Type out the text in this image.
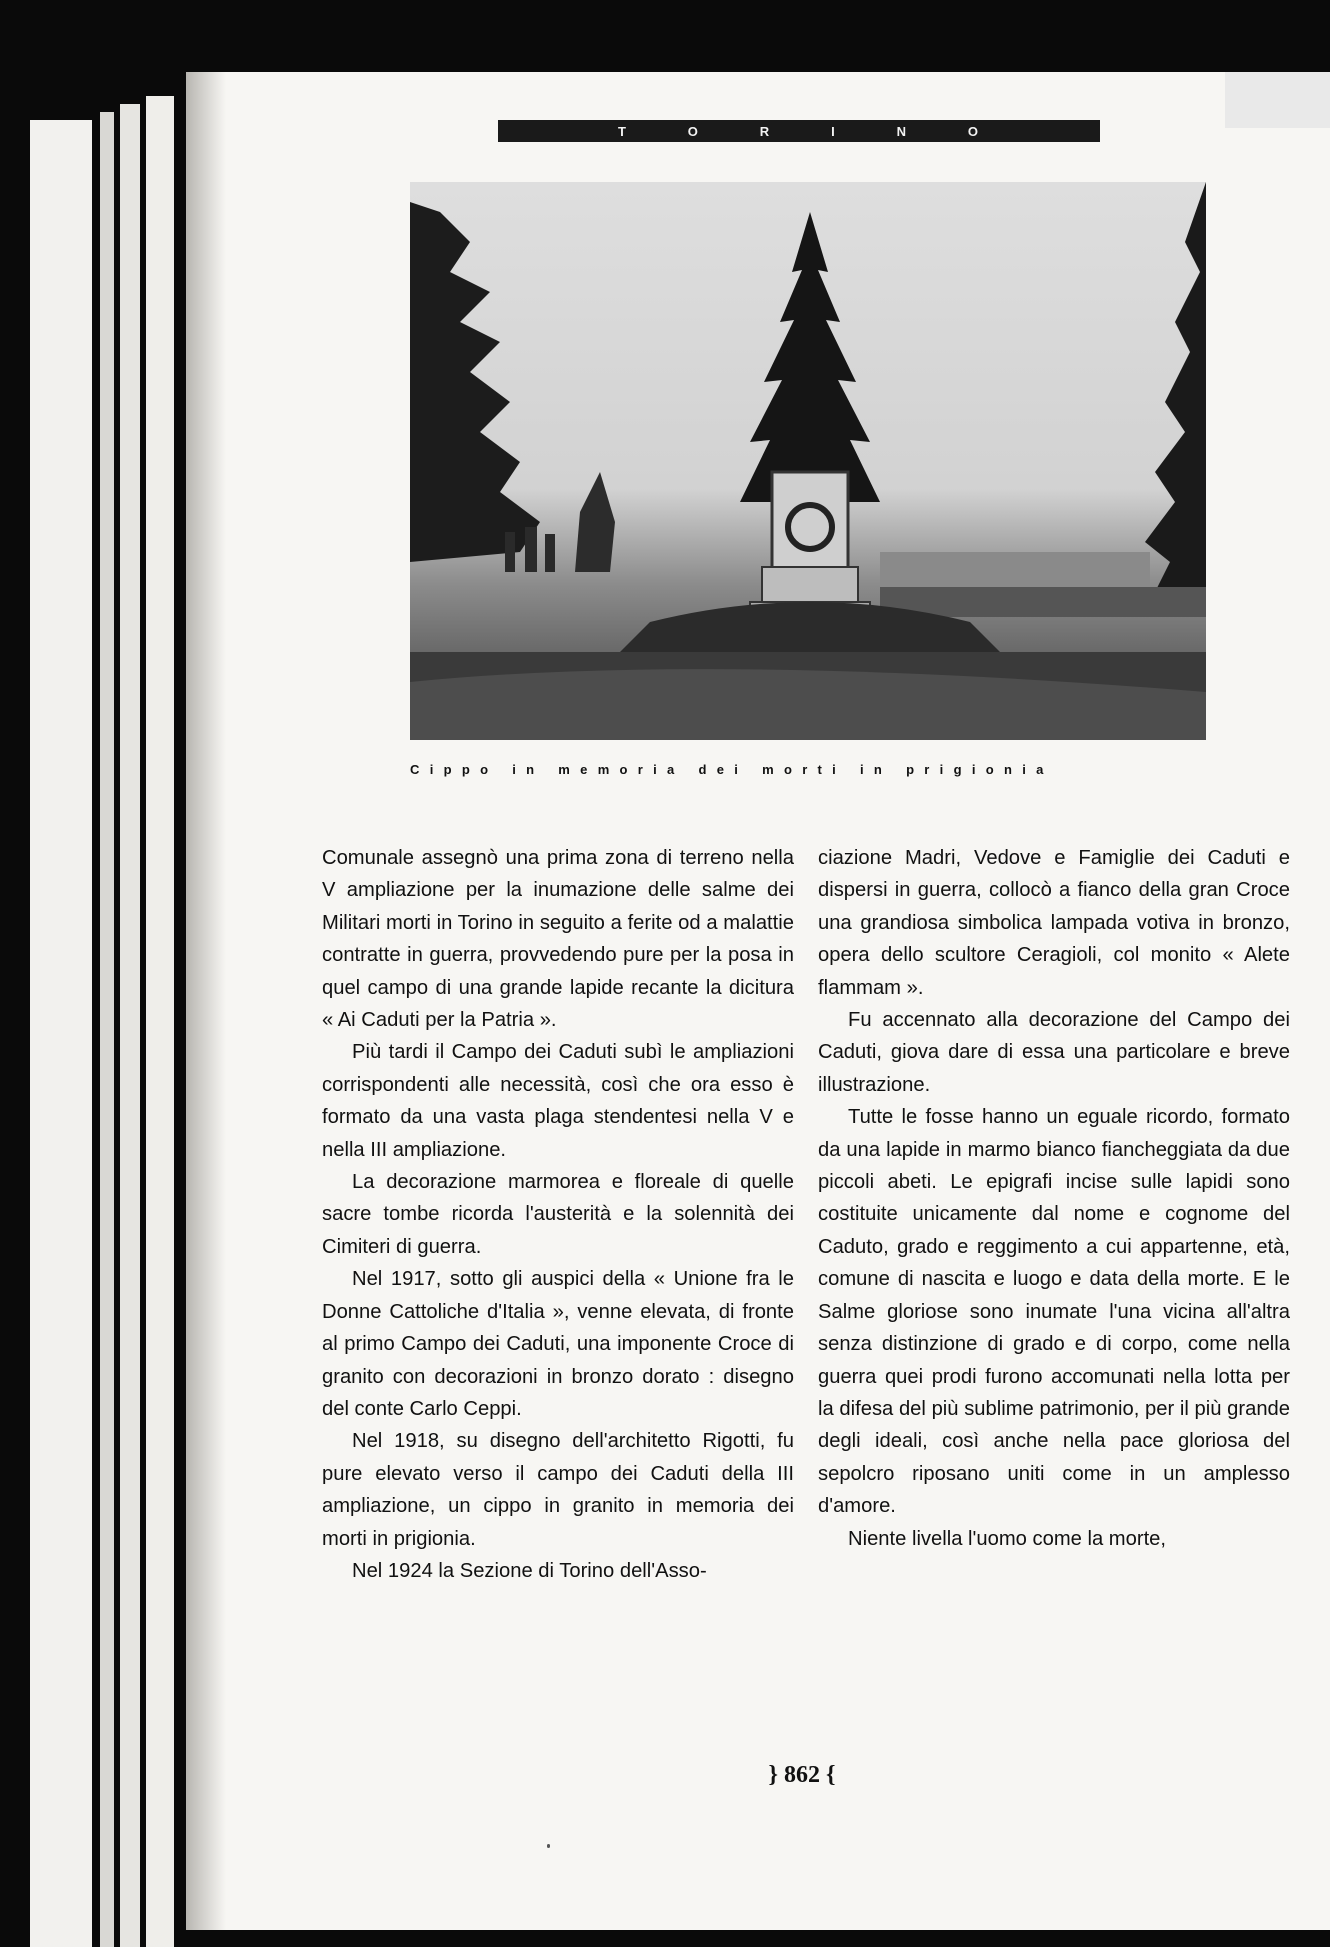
T	O	R	I	N	O
Cippo in memoria dei morti in prigionia

Comunale assegnò una prima zona di terreno nella V ampliazione per la inumazione delle salme dei Militari morti in Torino in seguito a ferite od a malattie contratte in guerra, provvedendo pure per la posa in quel campo di una grande lapide recante la dicitura « Ai Caduti per la Patria ».

Più tardi il Campo dei Caduti subì le ampliazioni corrispondenti alle necessità, così che ora esso è formato da una vasta plaga stendentesi nella V e nella III ampliazione.

La decorazione marmorea e floreale di quelle sacre tombe ricorda l'austerità e la solennità dei Cimiteri di guerra.

Nel 1917, sotto gli auspici della « Unione fra le Donne Cattoliche d'Italia », venne elevata, di fronte al primo Campo dei Caduti, una imponente Croce di granito con decorazioni in bronzo dorato : disegno del conte Carlo Ceppi.

Nel 1918, su disegno dell'architetto Rigotti, fu pure elevato verso il campo dei Caduti della III ampliazione, un cippo in granito in memoria dei morti in prigionia.

Nel 1924 la Sezione di Torino dell'Asso-

ciazione Madri, Vedove e Famiglie dei Caduti e dispersi in guerra, collocò a fianco della gran Croce una grandiosa simbolica lampada votiva in bronzo, opera dello scultore Ceragioli, col monito « Alete flammam ».

Fu accennato alla decorazione del Campo dei Caduti, giova dare di essa una particolare e breve illustrazione.

Tutte le fosse hanno un eguale ricordo, formato da una lapide in marmo bianco fiancheggiata da due piccoli abeti. Le epigrafi incise sulle lapidi sono costituite unicamente dal nome e cognome del Caduto, grado e reggimento a cui appartenne, età, comune di nascita e luogo e data della morte. E le Salme gloriose sono inumate l'una vicina all'altra senza distinzione di grado e di corpo, come nella guerra quei prodi furono accomunati nella lotta per la difesa del più sublime patrimonio, per il più grande degli ideali, così anche nella pace gloriosa del sepolcro riposano uniti come in un amplesso d'amore.

Niente livella l'uomo come la morte,

} 862 {
